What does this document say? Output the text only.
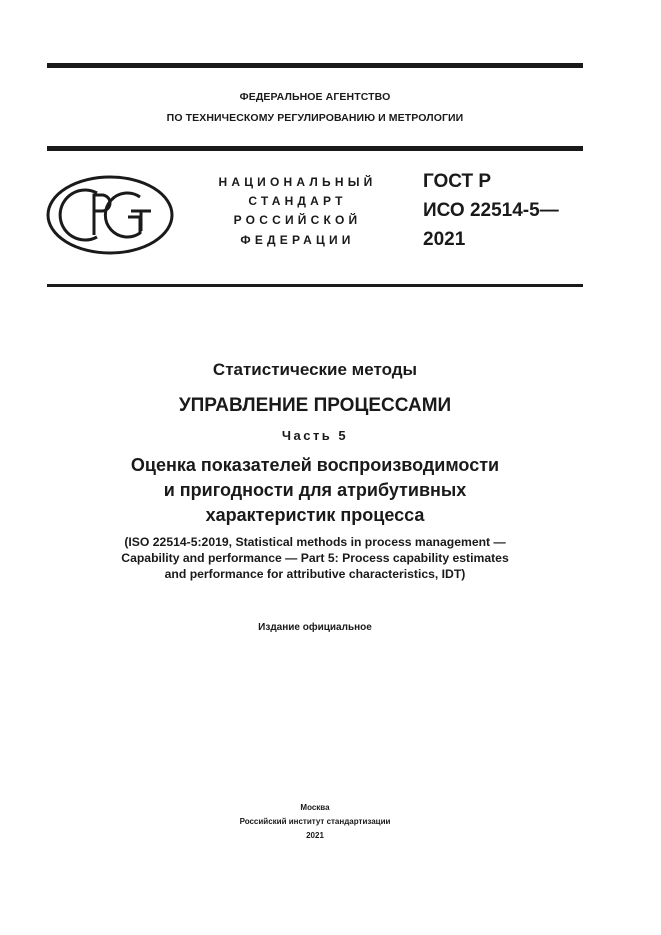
ФЕДЕРАЛЬНОЕ АГЕНТСТВО
ПО ТЕХНИЧЕСКОМУ РЕГУЛИРОВАНИЮ И МЕТРОЛОГИИ
НАЦИОНАЛЬНЫЙ
СТАНДАРТ
РОССИЙСКОЙ
ФЕДЕРАЦИИ
ГОСТ Р
ИСО 22514-5—
2021
Статистические методы
УПРАВЛЕНИЕ ПРОЦЕССАМИ
Часть 5
Оценка показателей воспроизводимости
и пригодности для атрибутивных
характеристик процесса
(ISO 22514-5:2019, Statistical methods in process management —
Capability and performance — Part 5: Process capability estimates
and performance for attributive characteristics, IDT)
Издание официальное
Москва
Российский институт стандартизации
2021
